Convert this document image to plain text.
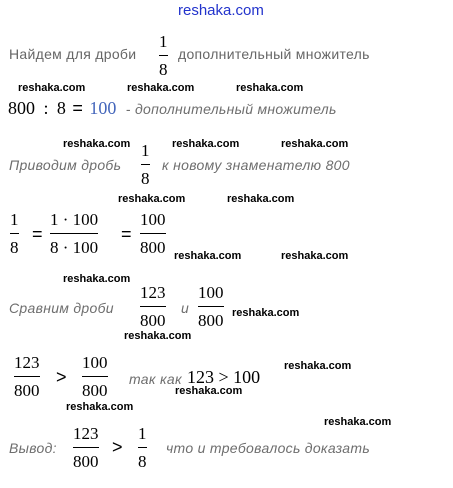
reshaka.com
Найдем для дроби
1
8
дополнительный множитель
reshaka.com	reshaka.com	reshaka.com
800 : 8 = 100 - дополнительный множитель
reshaka.com	reshaka.com	reshaka.com
Приводим дробь
1
8
к новому знаменателю 800
reshaka.com	reshaka.com
1
8
=
1 · 100
8 · 100
=
100
800 reshaka.com	reshaka.com
reshaka.com
Сравним дроби
123
800
и
100
800 reshaka.com
reshaka.com
123
800
>
100
800
так как 123 > 100
reshaka.com
reshaka.com
reshaka.com
reshaka.com
Вывод:
123
800
>
1
8
что и требовалось доказать
